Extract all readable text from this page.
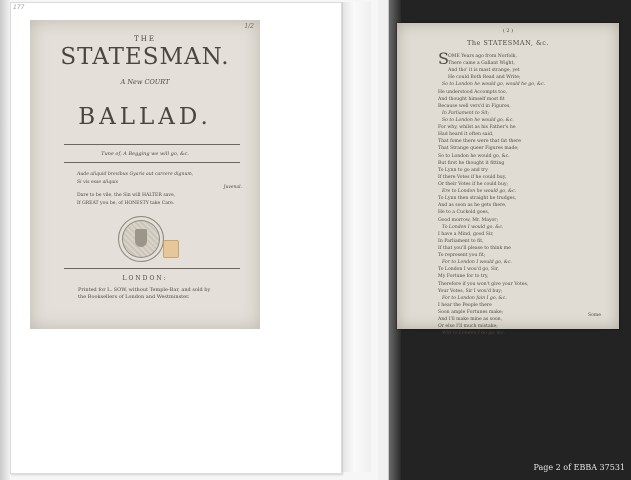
177
1/2
THE
STATESMAN.
A New COURT
BALLAD.
Tune of, A Begging we will go, &c.
Aude aliquid brevibus Gyaris aut carcere dignum,
Si vis esse aliquis
Juvenal.
Dare to be vile, the Sin will HALTER save,
If GREAT you be, of HONESTY take Care.
LONDON:
Printed for L. SOW, without Temple-Bar, and sold by
the Booksellers of London and Westminster.
( 2 )
The STATESMAN, &c.
S OME Years ago from Norfolk,
There came a Gallant Wight,
And tho' it is mast strange, yet
He could Both Read and Write;
So to London he would go, would he go, &c.
He understood Accompts too,
And thought himself most fit
Because well vers'd in Figures,
In Parliament to Sit;
So to London he would go, &c.
For why, whilst as his Father's he
Had heard it often said,
That fome there were that fat there
That Strange queer Figures made;
So to London he would go, &c.
But first he thought it fitting
To Lynn to go and try
If there Votes if he could buy,
Or their Votes if he could buy;
Ere to London he would go, &c.
To Lynn then straight he trudges,
And as soon as he gets there,
He to a Cuckold goes,
Good morrow, Mr. Mayor;
To London I would go, &c.
I have a Mind, good Sir,
In Parliament to fit,
If that you'll please to think me
To represent you fit;
For to London I would go, &c.
To London I wou'd go, Sir,
My Fortune for to try,
Therefore if you won't give your Votes,
Your Votes, Sir I wou'd buy;
For to London fain I go, &c.
I hear the People there
Soon ample Fortunes make;
And I'll make mine as soon,
Or else I'll much mistake;
Wilt to London I do go, &c.
Some
Page 2 of EBBA 37531
